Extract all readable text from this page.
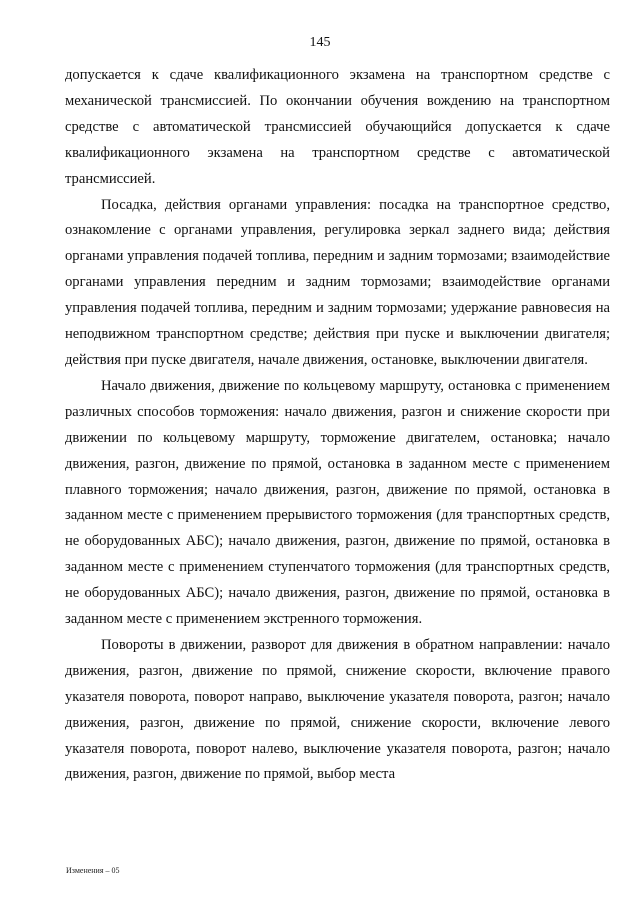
145

допускается к сдаче квалификационного экзамена на транспортном средстве с механической трансмиссией. По окончании обучения вождению на транспортном средстве с автоматической трансмиссией обучающийся допускается к сдаче квалификационного экзамена на транспортном средстве с автоматической трансмиссией.

Посадка, действия органами управления: посадка на транспортное средство, ознакомление с органами управления, регулировка зеркал заднего вида; действия органами управления подачей топлива, передним и задним тормозами; взаимодействие органами управления передним и задним тормозами; взаимодействие органами управления подачей топлива, передним и задним тормозами; удержание равновесия на неподвижном транспортном средстве; действия при пуске и выключении двигателя; действия при пуске двигателя, начале движения, остановке, выключении двигателя.

Начало движения, движение по кольцевому маршруту, остановка с применением различных способов торможения: начало движения, разгон и снижение скорости при движении по кольцевому маршруту, торможение двигателем, остановка; начало движения, разгон, движение по прямой, остановка в заданном месте с применением плавного торможения; начало движения, разгон, движение по прямой, остановка в заданном месте с применением прерывистого торможения (для транспортных средств, не оборудованных АБС); начало движения, разгон, движение по прямой, остановка в заданном месте с применением ступенчатого торможения (для транспортных средств, не оборудованных АБС); начало движения, разгон, движение по прямой, остановка в заданном месте с применением экстренного торможения.

Повороты в движении, разворот для движения в обратном направлении: начало движения, разгон, движение по прямой, снижение скорости, включение правого указателя поворота, поворот направо, выключение указателя поворота, разгон; начало движения, разгон, движение по прямой, снижение скорости, включение левого указателя поворота, поворот налево, выключение указателя поворота, разгон; начало движения, разгон, движение по прямой, выбор места

Изменения – 05
